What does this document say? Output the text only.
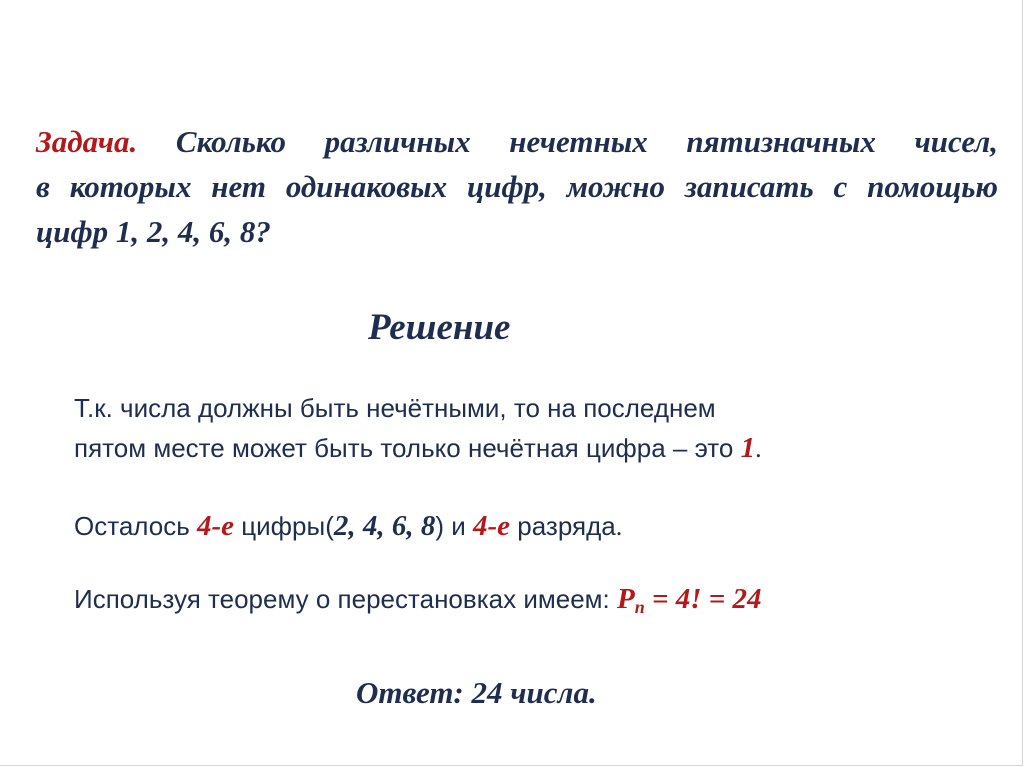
Задача. Сколько различных нечетных пятизначных чисел,
в которых нет одинаковых цифр, можно записать с помощью
цифр 1, 2, 4, 6, 8?
Решение
Т.к. числа должны быть нечётными, то на последнем
пятом месте может быть только нечётная цифра – это 1.
Осталось 4-е цифры(2, 4, 6, 8) и 4-е разряда.
Используя теорему о перестановках имеем: $P_n = 4$! = 24
Ответ: 24 числа.
